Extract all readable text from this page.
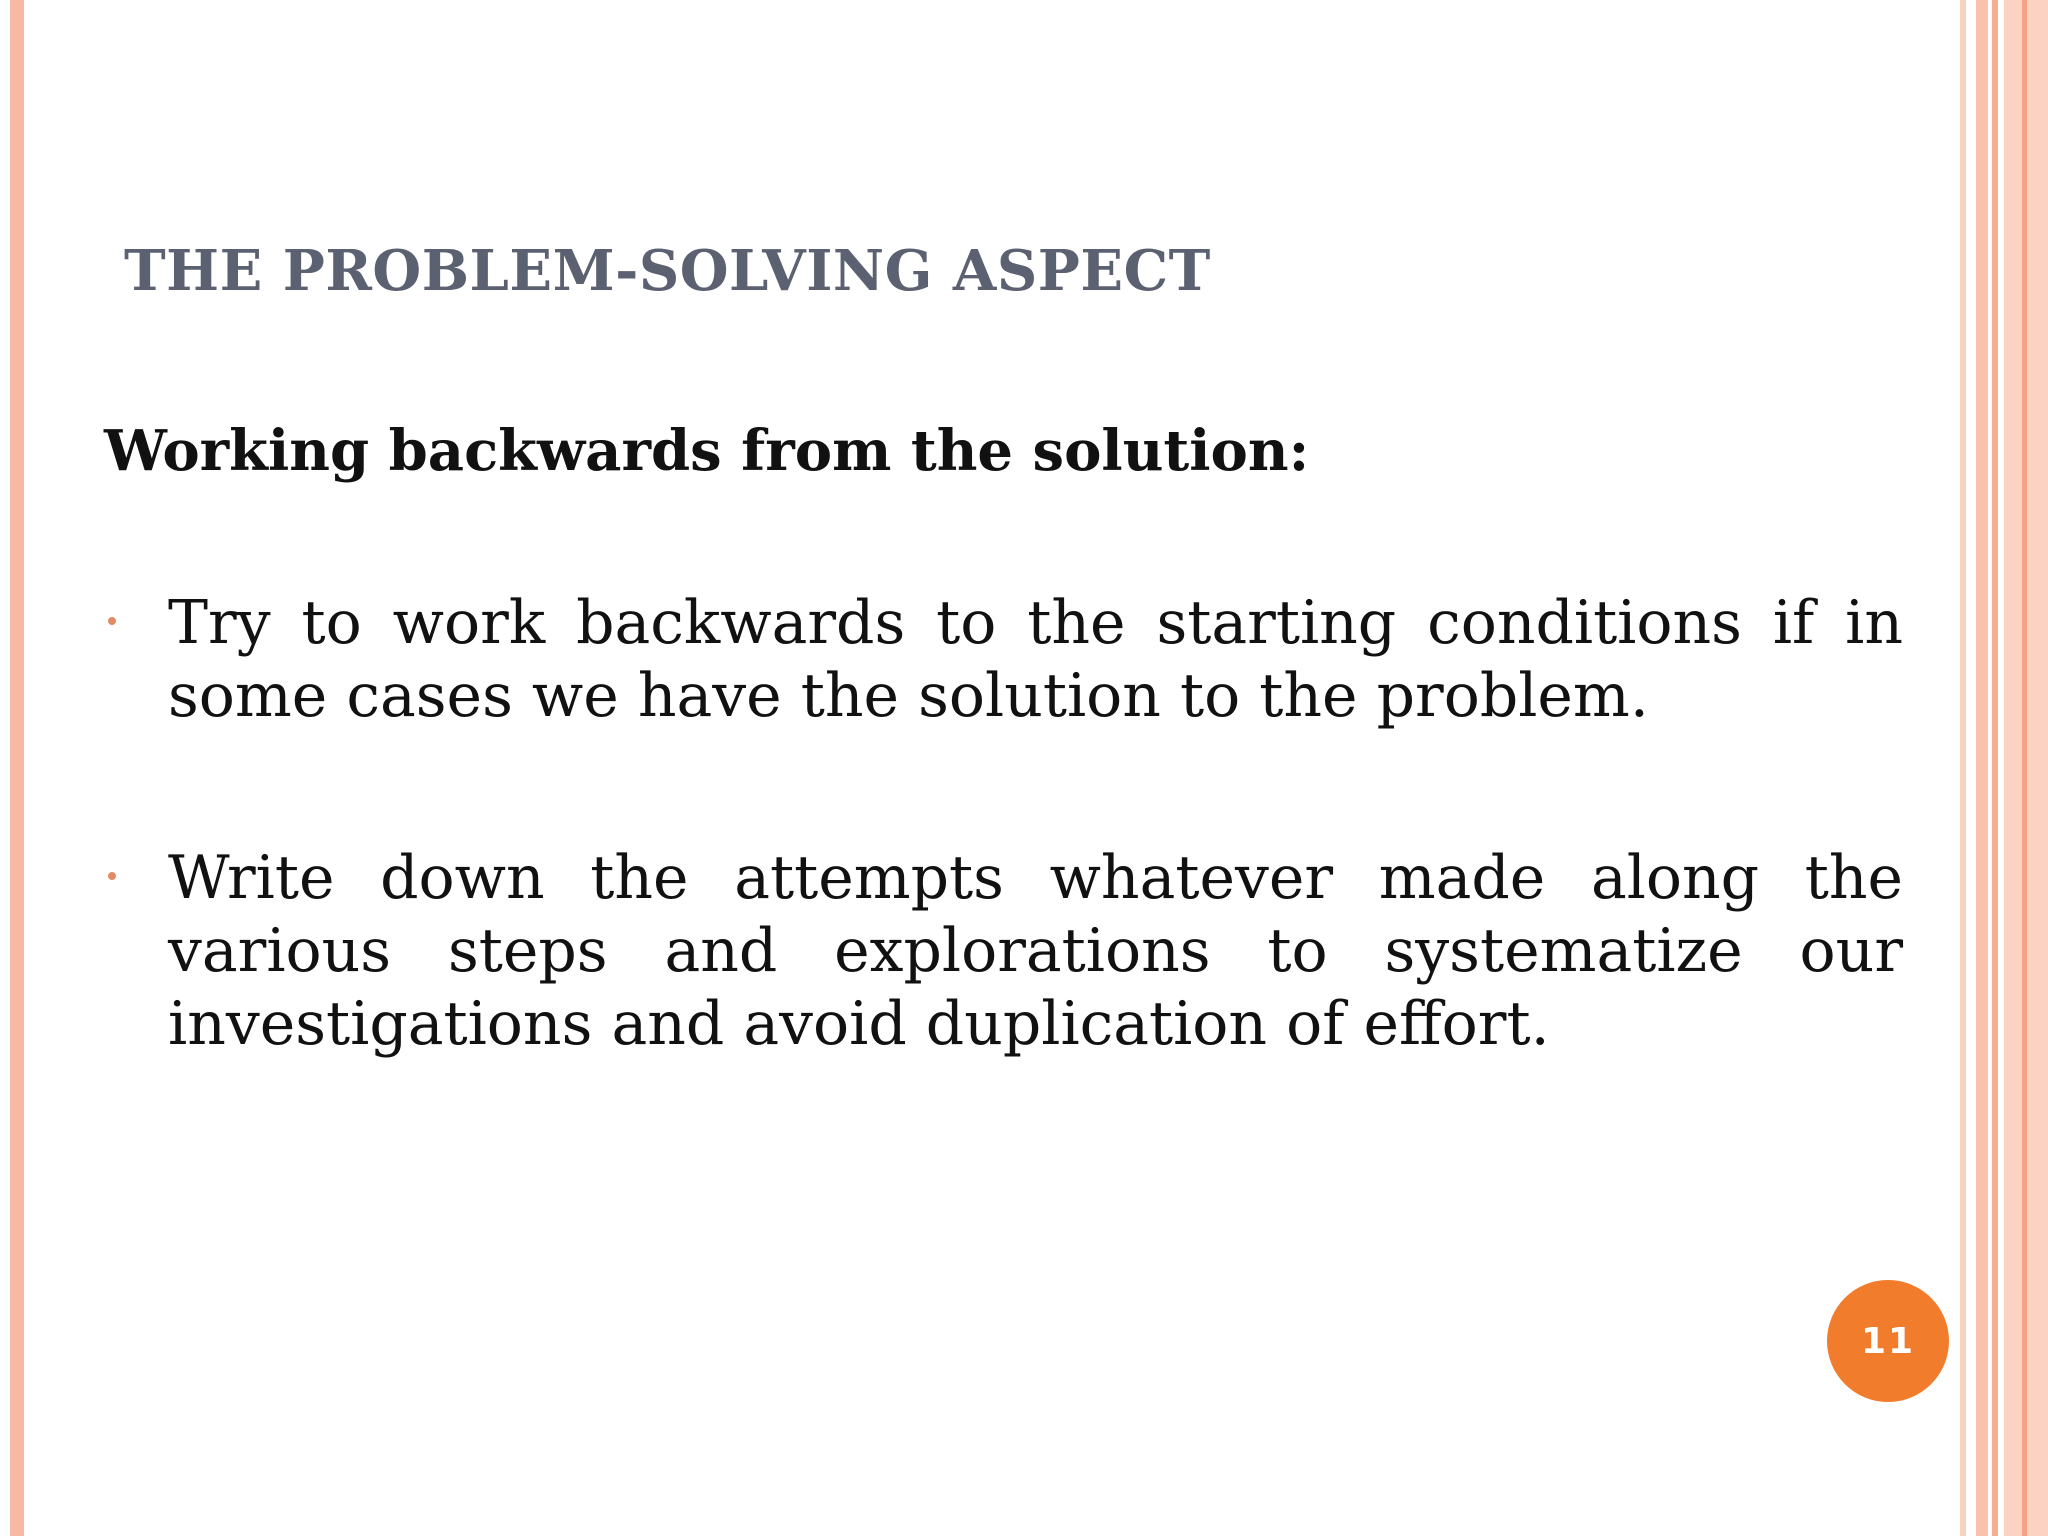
THE PROBLEM-SOLVING ASPECT
Working backwards from the solution:

Try to work backwards to the starting conditions if in some cases we have the solution to the problem.

Write down the attempts whatever made along the various steps and explorations to systematize our investigations and avoid duplication of effort.

11
